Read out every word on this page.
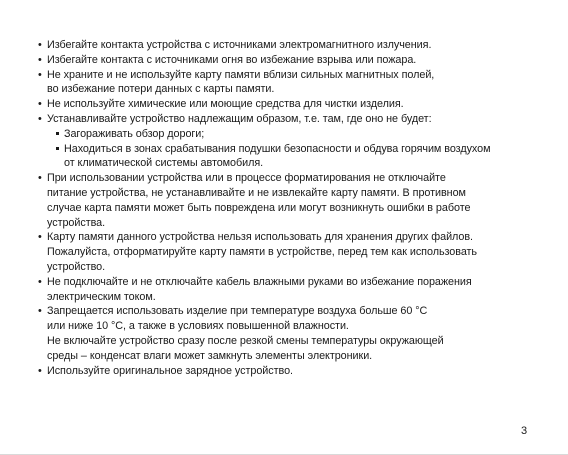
• Избегайте контакта устройства с источниками электромагнитного излучения.

• Избегайте контакта с источниками огня во избежание взрыва или пожара.

• Не храните и не используйте карту памяти вблизи сильных магнитных полей,

во избежание потери данных с карты памяти.

• Не используйте химические или моющие средства для чистки изделия.

• Устанавливайте устройство надлежащим образом, т.е. там, где оно не будет:

Загораживать обзор дороги;

Находиться в зонах срабатывания подушки безопасности и обдува горячим воздухом

от климатической системы автомобиля.

• При использовании устройства или в процессе форматирования не отключайте

питание устройства, не устанавливайте и не извлекайте карту памяти. В противном

случае карта памяти может быть повреждена или могут возникнуть ошибки в работе

устройства.

• Карту памяти данного устройства нельзя использовать для хранения других файлов.

Пожалуйста, отформатируйте карту памяти в устройстве, перед тем как использовать

устройство.

• Не подключайте и не отключайте кабель влажными руками во избежание поражения

электрическим током.

• Запрещается использовать изделие при температуре воздуха больше 60 °C

или ниже 10 °C, а также в условиях повышенной влажности.

Не включайте устройство сразу после резкой смены температуры окружающей

среды – конденсат влаги может замкнуть элементы электроники.

• Используйте оригинальное зарядное устройство.

3
